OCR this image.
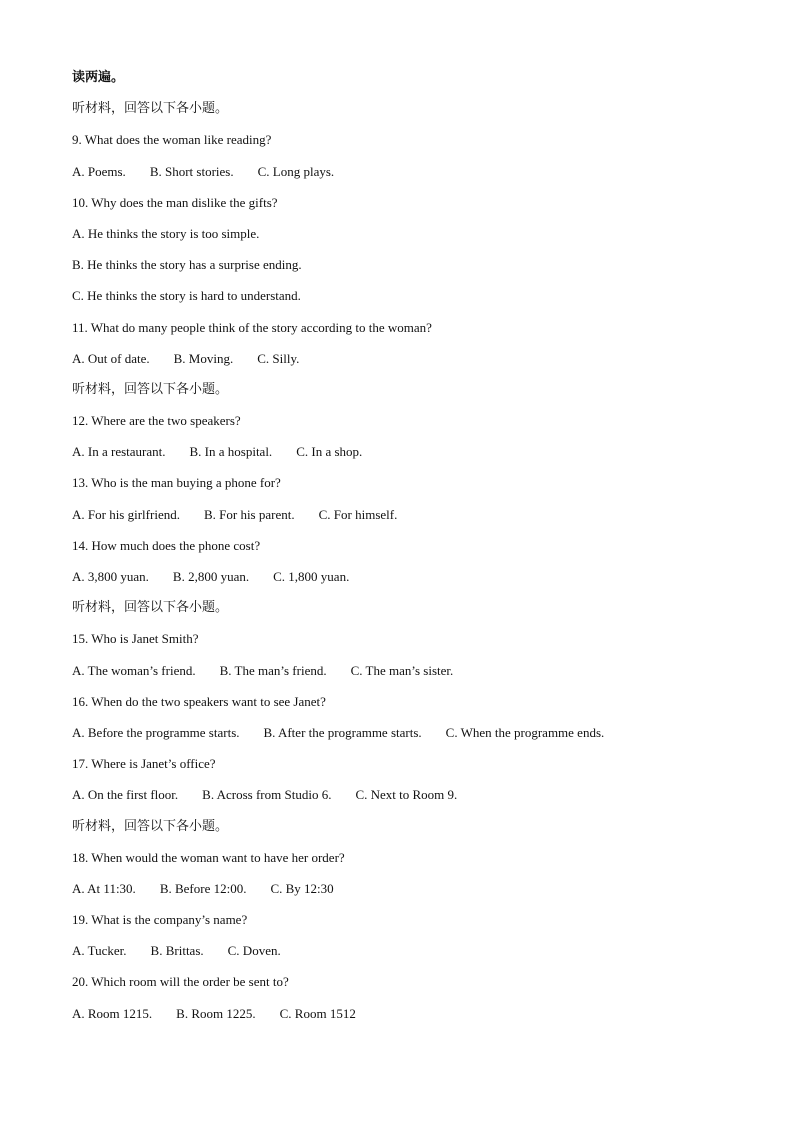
读两遍。
听材料，回答以下各小题。
9. What does the woman like reading?
A. Poems. B. Short stories. C. Long plays.
10. Why does the man dislike the gifts?
A. He thinks the story is too simple.
B. He thinks the story has a surprise ending.
C. He thinks the story is hard to understand.
11. What do many people think of the story according to the woman?
A. Out of date. B. Moving. C. Silly.
听材料，回答以下各小题。
12. Where are the two speakers?
A. In a restaurant. B. In a hospital. C. In a shop.
13. Who is the man buying a phone for?
A. For his girlfriend. B. For his parent. C. For himself.
14. How much does the phone cost?
A. 3,800 yuan. B. 2,800 yuan. C. 1,800 yuan.
听材料，回答以下各小题。
15. Who is Janet Smith?
A. The woman’s friend. B. The man’s friend. C. The man’s sister.
16. When do the two speakers want to see Janet?
A. Before the programme starts. B. After the programme starts. C. When the programme ends.
17. Where is Janet’s office?
A. On the first floor. B. Across from Studio 6. C. Next to Room 9.
听材料，回答以下各小题。
18. When would the woman want to have her order?
A. At 11:30. B. Before 12:00. C. By 12:30
19. What is the company’s name?
A. Tucker. B. Brittas. C. Doven.
20. Which room will the order be sent to?
A. Room 1215. B. Room 1225. C. Room 1512
